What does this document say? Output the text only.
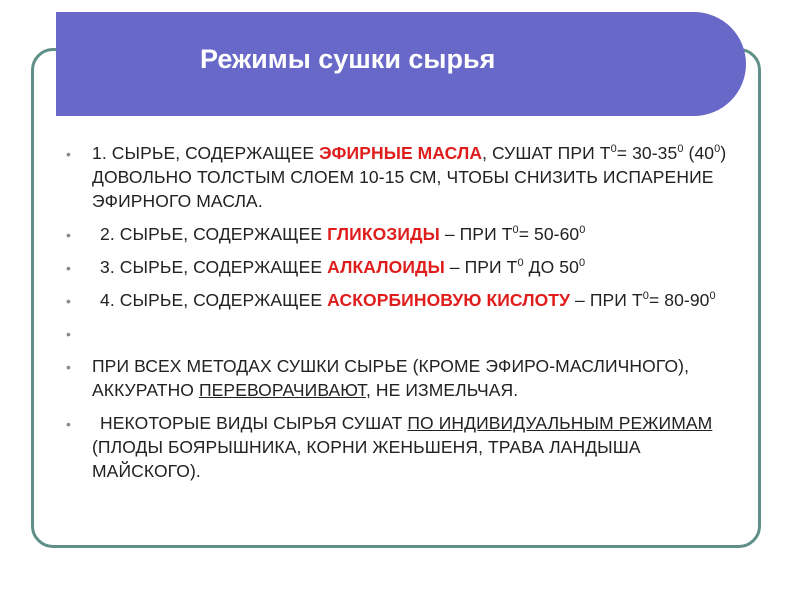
Режимы сушки сырья
• 1. СЫРЬЕ, СОДЕРЖАЩЕЕ ЭФИРНЫЕ МАСЛА, СУШАТ ПРИ $Т^0= 30-35^0$ $(40^0)$ ДОВОЛЬНО ТОЛСТЫМ СЛОЕМ 10-15 СМ, ЧТОБЫ СНИЗИТЬ ИСПАРЕНИЕ ЭФИРНОГО МАСЛА.
• 2. СЫРЬЕ, СОДЕРЖАЩЕЕ ГЛИКОЗИДЫ – ПРИ $Т^0= 50-60^0$
• 3. СЫРЬЕ, СОДЕРЖАЩЕЕ АЛКАЛОИДЫ – ПРИ $Т^0$ ДО $50^0$
• 4. СЫРЬЕ, СОДЕРЖАЩЕЕ АСКОРБИНОВУЮ КИСЛОТУ – ПРИ $Т^0= 80-90^0$
•

• ПРИ ВСЕХ МЕТОДАХ СУШКИ СЫРЬЕ (КРОМЕ ЭФИРО-МАСЛИЧНОГО), АККУРАТНО ПЕРЕВОРАЧИВАЮТ, НЕ ИЗМЕЛЬЧАЯ.
• НЕКОТОРЫЕ ВИДЫ СЫРЬЯ СУШАТ ПО ИНДИВИДУАЛЬНЫМ РЕЖИМАМ (ПЛОДЫ БОЯРЫШНИКА, КОРНИ ЖЕНЬШЕНЯ, ТРАВА ЛАНДЫША МАЙСКОГО).
